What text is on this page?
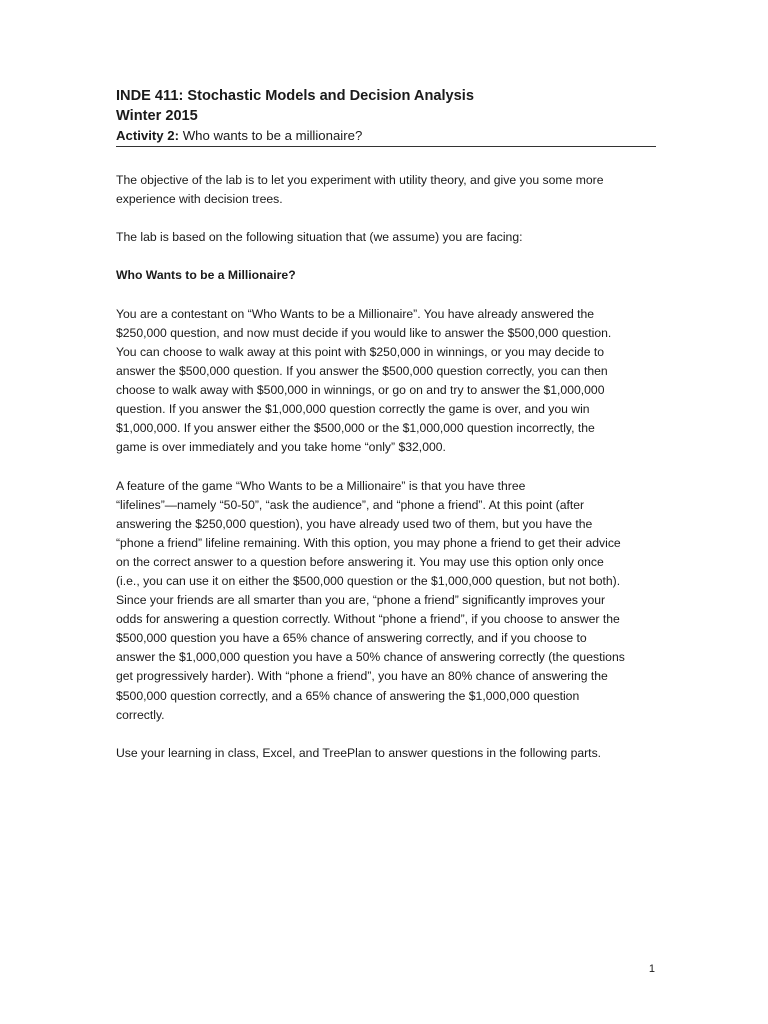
INDE 411: Stochastic Models and Decision Analysis
Winter 2015
Activity 2: Who wants to be a millionaire?

The objective of the lab is to let you experiment with utility theory, and give you some more
experience with decision trees.

The lab is based on the following situation that (we assume) you are facing:

Who Wants to be a Millionaire?

You are a contestant on “Who Wants to be a Millionaire”. You have already answered the
$250,000 question, and now must decide if you would like to answer the $500,000 question.
You can choose to walk away at this point with $250,000 in winnings, or you may decide to
answer the $500,000 question. If you answer the $500,000 question correctly, you can then
choose to walk away with $500,000 in winnings, or go on and try to answer the $1,000,000
question. If you answer the $1,000,000 question correctly the game is over, and you win
$1,000,000. If you answer either the $500,000 or the $1,000,000 question incorrectly, the
game is over immediately and you take home “only” $32,000.

A feature of the game “Who Wants to be a Millionaire” is that you have three
“lifelines”—namely “50-50”, “ask the audience”, and “phone a friend”. At this point (after
answering the $250,000 question), you have already used two of them, but you have the
“phone a friend” lifeline remaining. With this option, you may phone a friend to get their advice
on the correct answer to a question before answering it. You may use this option only once
(i.e., you can use it on either the $500,000 question or the $1,000,000 question, but not both).
Since your friends are all smarter than you are, “phone a friend” significantly improves your
odds for answering a question correctly. Without “phone a friend”, if you choose to answer the
$500,000 question you have a 65% chance of answering correctly, and if you choose to
answer the $1,000,000 question you have a 50% chance of answering correctly (the questions
get progressively harder). With “phone a friend”, you have an 80% chance of answering the
$500,000 question correctly, and a 65% chance of answering the $1,000,000 question
correctly.

Use your learning in class, Excel, and TreePlan to answer questions in the following parts.

1
